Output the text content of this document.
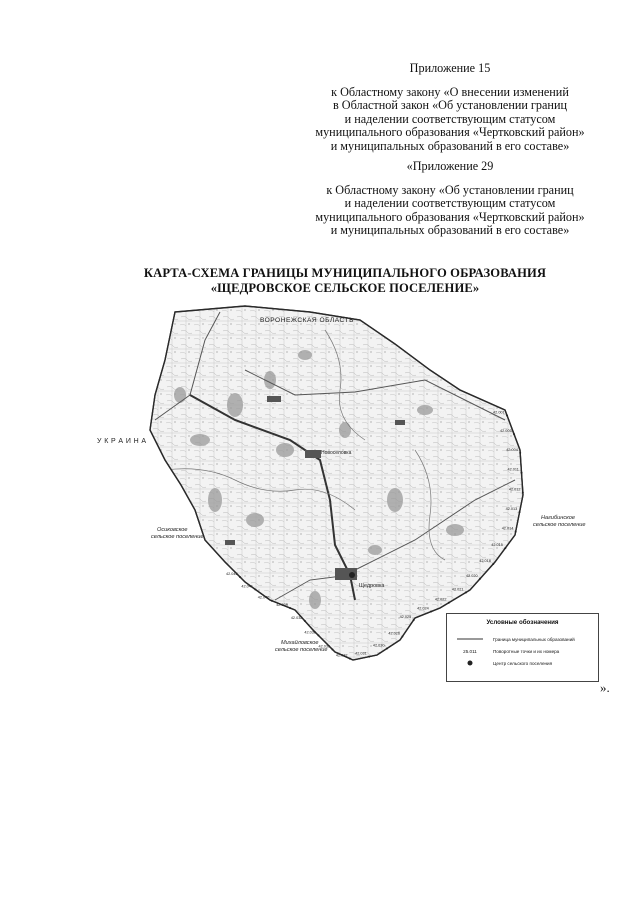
Приложение 15
к Областному закону «О внесении изменений
в Областной закон «Об установлении границ
и наделении соответствующим статусом
муниципального образования «Чертковский район»
и муниципальных образований в его составе»
«Приложение 29
к Областному закону «Об установлении границ
и наделении соответствующим статусом
муниципального образования «Чертковский район»
и муниципальных образований в его составе»
КАРТА-СХЕМА ГРАНИЦЫ МУНИЦИПАЛЬНОГО ОБРАЗОВАНИЯ
«ЩЕДРОВСКОЕ СЕЛЬСКОЕ ПОСЕЛЕНИЕ»
42.001
42.003
42.004
42.011
42.012
42.013
42.014
42.015
42.018
42.020
42.021
42.022
42.024
42.025
42.026
42.030
42.031
42.032
42.035
42.036
42.038
42.039
42.040
42.041
42.042
ВОРОНЕЖСКАЯ ОБЛАСТЬ
У К Р А И Н А
Новоселовка
Щедровка
Нагибинское сельское поселение
Осиковское сельское поселение
Михайловское сельское поселение
Условные обозначения
Граница муниципальных образований
25.011	Поворотные точки и их номера
Центр сельского поселения
».
